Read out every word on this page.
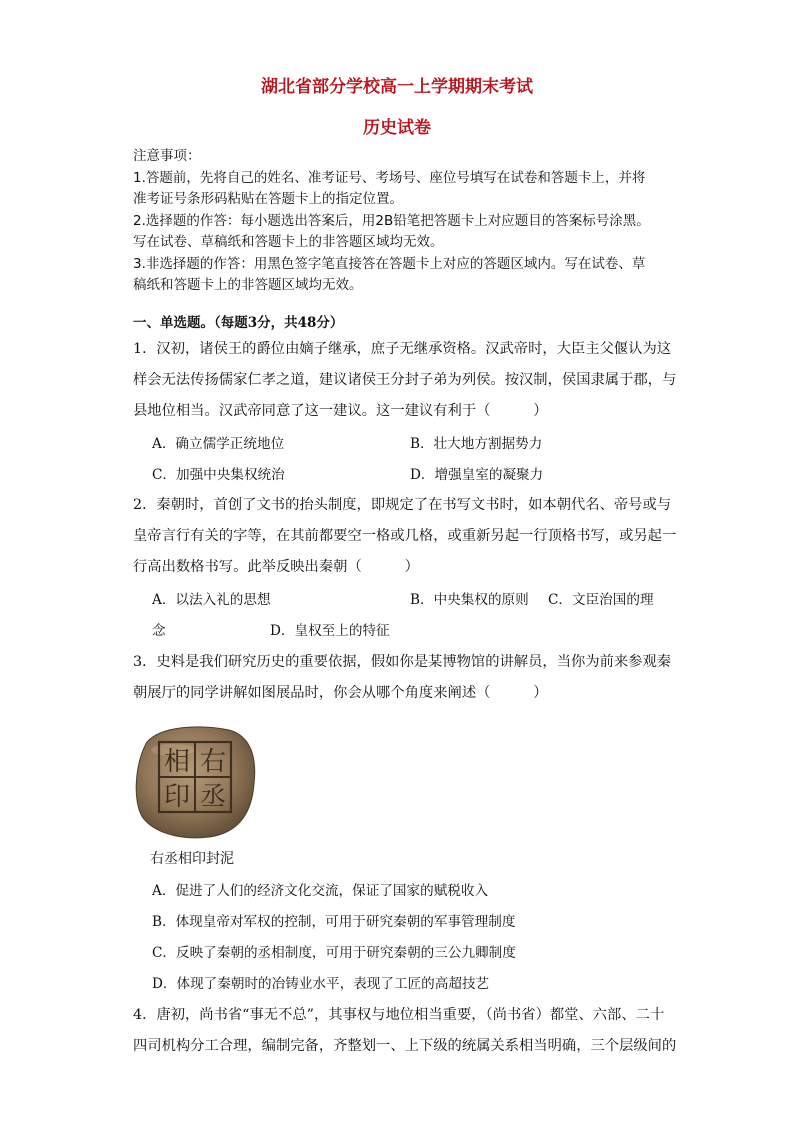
湖北省部分学校高一上学期期末考试
历史试卷
注意事项：
1.答题前，先将自己的姓名、准考证号、考场号、座位号填写在试卷和答题卡上，并将
准考证号条形码粘贴在答题卡上的指定位置。
2.选择题的作答：每小题选出答案后，用2B铅笔把答题卡上对应题目的答案标号涂黑。
写在试卷、草稿纸和答题卡上的非答题区域均无效。
3.非选择题的作答：用黑色签字笔直接答在答题卡上对应的答题区域内。写在试卷、草
稿纸和答题卡上的非答题区域均无效。
一、单选题。（每题3分，共48分）
1．汉初，诸侯王的爵位由嫡子继承，庶子无继承资格。汉武帝时，大臣主父偃认为这
样会无法传扬儒家仁孝之道，建议诸侯王分封子弟为列侯。按汉制，侯国隶属于郡，与
县地位相当。汉武帝同意了这一建议。这一建议有利于（　　　）
A．确立儒学正统地位	B．壮大地方割据势力
C．加强中央集权统治	D．增强皇室的凝聚力
2．秦朝时，首创了文书的抬头制度，即规定了在书写文书时，如本朝代名、帝号或与
皇帝言行有关的字等，在其前都要空一格或几格，或重新另起一行顶格书写，或另起一
行高出数格书写。此举反映出秦朝（　　　）
A．以法入礼的思想	B．中央集权的原则 C．文臣治国的理
念	D．皇权至上的特征
3．史料是我们研究历史的重要依据，假如你是某博物馆的讲解员，当你为前来参观秦
朝展厅的同学讲解如图展品时，你会从哪个角度来阐述（　　　）
右
丞
相
印
右丞相印封泥
A．促进了人们的经济文化交流，保证了国家的赋税收入
B．体现皇帝对军权的控制，可用于研究秦朝的军事管理制度
C．反映了秦朝的丞相制度，可用于研究秦朝的三公九卿制度
D．体现了秦朝时的冶铸业水平，表现了工匠的高超技艺
4．唐初，尚书省“事无不总”，其事权与地位相当重要，（尚书省）都堂、六部、二十
四司机构分工合理，编制完备，齐整划一、上下级的统属关系相当明确，三个层级间的
